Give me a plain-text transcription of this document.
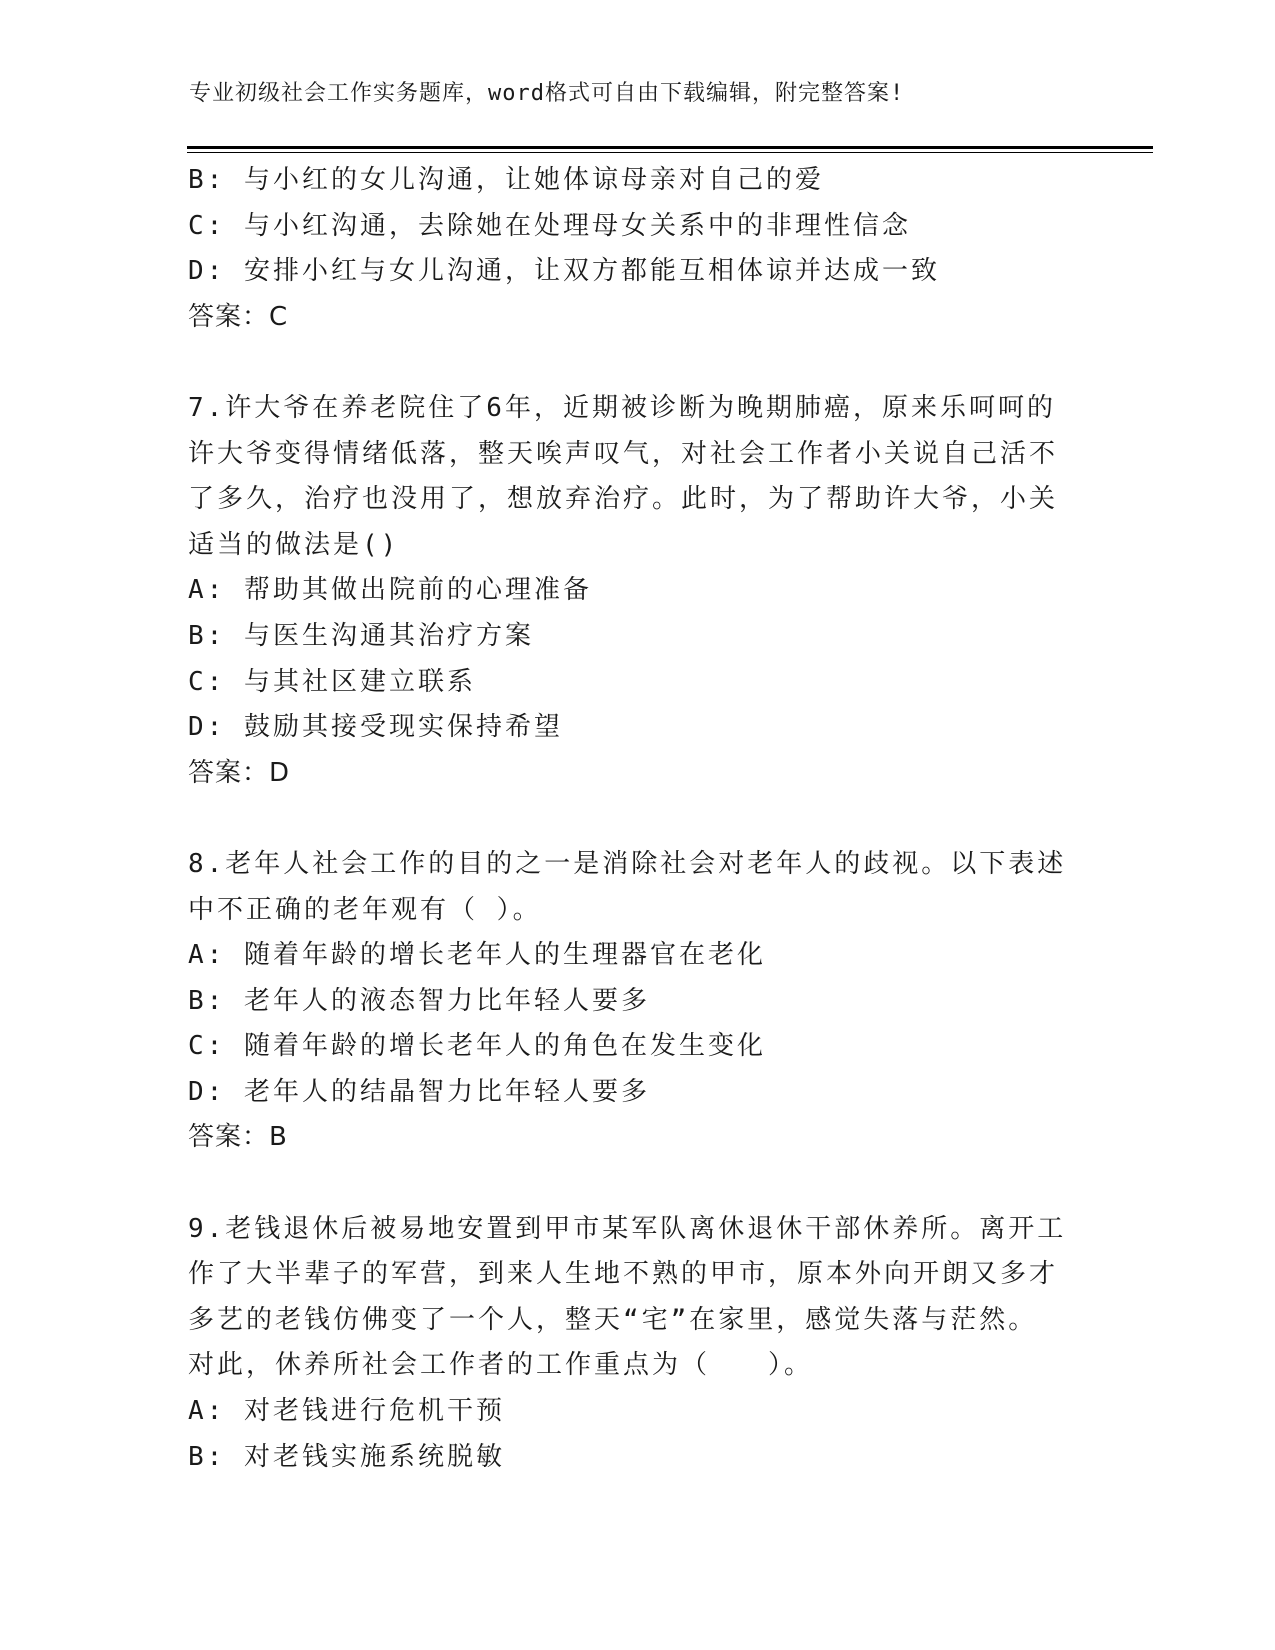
专业初级社会工作实务题库，word格式可自由下载编辑，附完整答案!
B: 与小红的女儿沟通，让她体谅母亲对自己的爱
C: 与小红沟通，去除她在处理母女关系中的非理性信念
D: 安排小红与女儿沟通，让双方都能互相体谅并达成一致
答案：C
7.许大爷在养老院住了6年，近期被诊断为晚期肺癌，原来乐呵呵的
许大爷变得情绪低落，整天唉声叹气，对社会工作者小关说自己活不
了多久，治疗也没用了，想放弃治疗。此时，为了帮助许大爷，小关
适当的做法是()
A: 帮助其做出院前的心理准备
B: 与医生沟通其治疗方案
C: 与其社区建立联系
D: 鼓励其接受现实保持希望
答案：D
8.老年人社会工作的目的之一是消除社会对老年人的歧视。以下表述
中不正确的老年观有（ ）。
A: 随着年龄的增长老年人的生理器官在老化
B: 老年人的液态智力比年轻人要多
C: 随着年龄的增长老年人的角色在发生变化
D: 老年人的结晶智力比年轻人要多
答案：B
9.老钱退休后被易地安置到甲市某军队离休退休干部休养所。离开工
作了大半辈子的军营，到来人生地不熟的甲市，原本外向开朗又多才
多艺的老钱仿佛变了一个人，整天“宅”在家里，感觉失落与茫然。
对此，休养所社会工作者的工作重点为（　　）。
A: 对老钱进行危机干预
B: 对老钱实施系统脱敏
